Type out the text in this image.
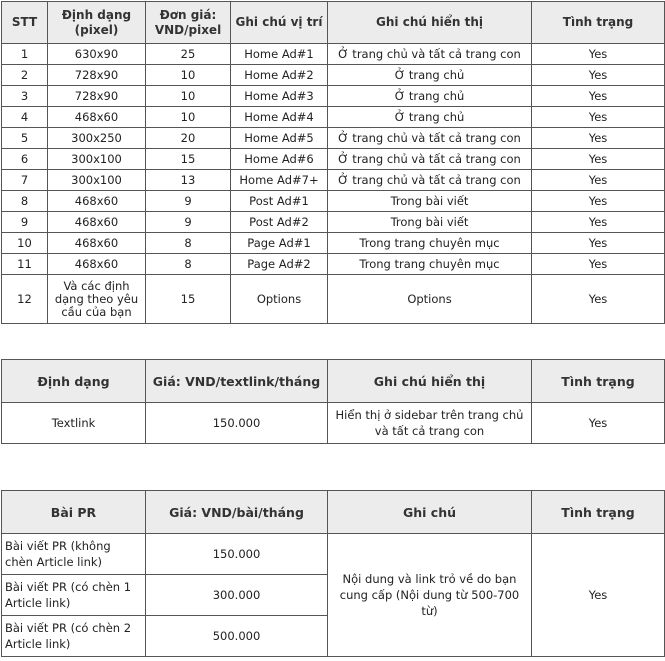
STT	Định dạng (pixel)	Đơn giá: VND/pixel	Ghi chú vị trí	Ghi chú hiển thị	Tình trạng
1	630x90	25	Home Ad#1	Ở trang chủ và tất cả trang con	Yes
2	728x90	10	Home Ad#2	Ở trang chủ	Yes
3	728x90	10	Home Ad#3	Ở trang chủ	Yes
4	468x60	10	Home Ad#4	Ở trang chủ	Yes
5	300x250	20	Home Ad#5	Ở trang chủ và tất cả trang con	Yes
6	300x100	15	Home Ad#6	Ở trang chủ và tất cả trang con	Yes
7	300x100	13	Home Ad#7+	Ở trang chủ và tất cả trang con	Yes
8	468x60	9	Post Ad#1	Trong bài viết	Yes
9	468x60	9	Post Ad#2	Trong bài viết	Yes
10	468x60	8	Page Ad#1	Trong trang chuyên mục	Yes
11	468x60	8	Page Ad#2	Trong trang chuyên mục	Yes
12	Và các định dạng theo yêu cầu của bạn	15	Options	Options	Yes
Định dạng	Giá: VND/textlink/tháng	Ghi chú hiển thị	Tình trạng
Textlink	150.000	Hiển thị ở sidebar trên trang chủ và tất cả trang con	Yes
Bài PR	Giá: VND/bài/tháng	Ghi chú	Tình trạng
Bài viết PR (không chèn Article link)	150.000	Nội dung và link trỏ về do bạn cung cấp (Nội dung từ 500-700 từ)	Yes
Bài viết PR (có chèn 1 Article link)	300.000		
Bài viết PR (có chèn 2 Article link)	500.000		
